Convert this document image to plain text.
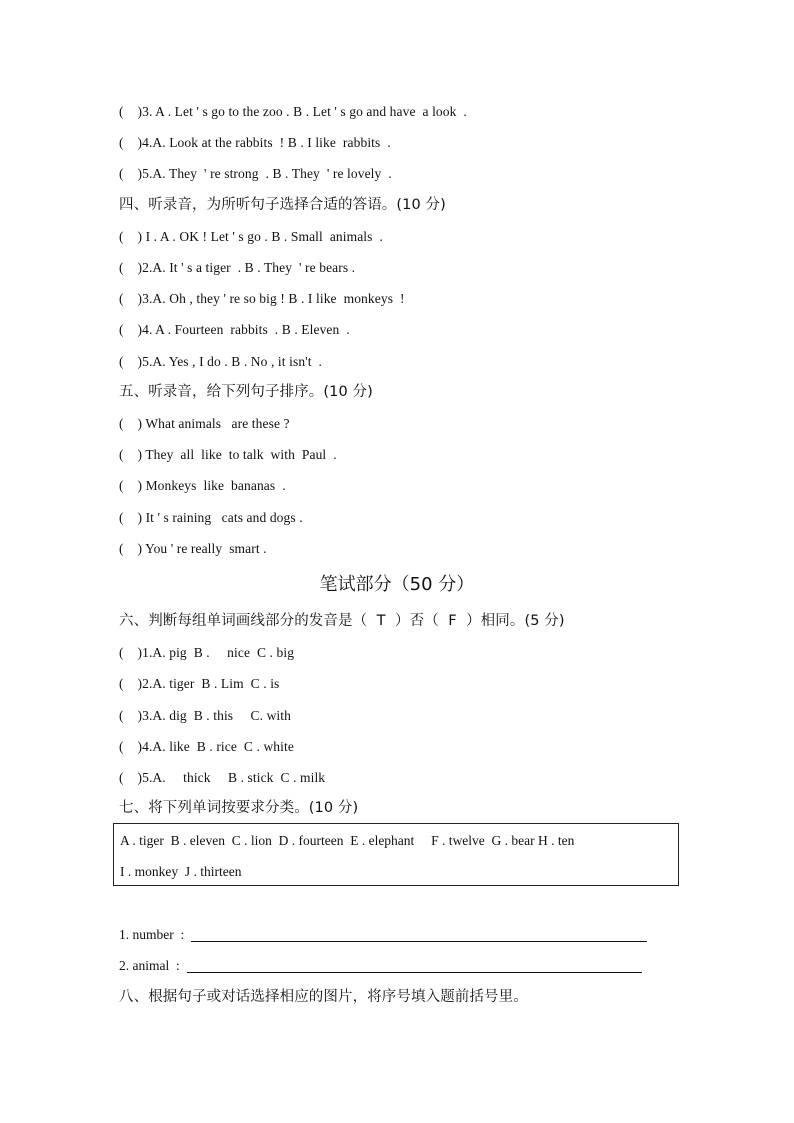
(    )3. A . Let ' s go to the zoo . B . Let ' s go and have  a look  .
(    )4.A. Look at the rabbits  ! B . I like  rabbits  .
(    )5.A. They  ' re strong  . B . They  ' re lovely  .
四、听录音，为所听句子选择合适的答语。(10 分)
(    ) I . A . OK ! Let ' s go . B . Small  animals  .
(    )2.A. It ' s a tiger  . B . They  ' re bears .
(    )3.A. Oh , they ' re so big ! B . I like  monkeys  !
(    )4. A . Fourteen  rabbits  . B . Eleven  .
(    )5.A. Yes , I do . B . No , it isn't  .
五、听录音，给下列句子排序。(10 分)
(    ) What animals   are these ?
(    ) They  all  like  to talk  with  Paul  .
(    ) Monkeys  like  bananas  .
(    ) It ' s raining   cats and dogs .
(    ) You ' re really  smart .
笔试部分（50 分）
六、判断每组单词画线部分的发音是（  T  ）否（  F  ）相同。(5 分)
(    )1.A. pig  B .     nice  C . big
(    )2.A. tiger  B . Lim  C . is
(    )3.A. dig  B . this     C. with
(    )4.A. like  B . rice  C . white
(    )5.A.     thick     B . stick  C . milk
七、将下列单词按要求分类。(10 分)
A . tiger  B . eleven  C . lion  D . fourteen  E . elephant     F . twelve  G . bear H . ten
I . monkey  J . thirteen
1. number  :
2. animal  :
八、根据句子或对话选择相应的图片，将序号填入题前括号里。
